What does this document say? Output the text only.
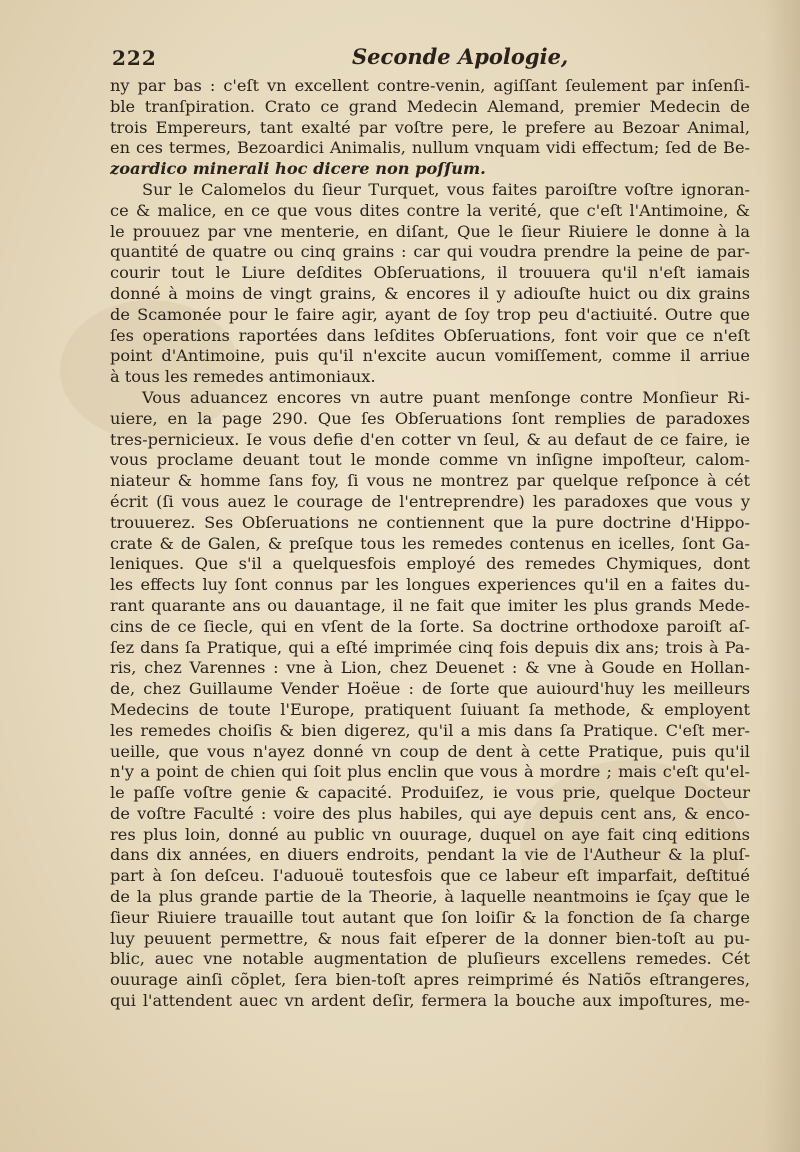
222	Seconde Apologie,
ny par bas : c'eſt vn excellent contre-venin, agiſſant ſeulement par inſenſi-
ble tranſpiration. Crato ce grand Medecin Alemand, premier Medecin de
trois Empereurs, tant exalté par voſtre pere, le prefere au Bezoar Animal,
en ces termes, Bezoardici Animalis, nullum vnquam vidi effectum; ſed de Be-
zoardico minerali hoc dicere non poſſum.
Sur le Calomelos du ſieur Turquet, vous faites paroiſtre voſtre ignoran-
ce & malice, en ce que vous dites contre la verité, que c'eſt l'Antimoine, &
le prouuez par vne menterie, en diſant, Que le ſieur Riuiere le donne à la
quantité de quatre ou cinq grains : car qui voudra prendre la peine de par-
courir tout le Liure deſdites Obſeruations, il trouuera qu'il n'eſt iamais
donné à moins de vingt grains, & encores il y adiouſte huict ou dix grains
de Scamonée pour le faire agir, ayant de ſoy trop peu d'actiuité. Outre que
ſes operations raportées dans leſdites Obſeruations, font voir que ce n'eſt
point d'Antimoine, puis qu'il n'excite aucun vomiſſement, comme il arriue
à tous les remedes antimoniaux.
Vous aduancez encores vn autre puant menſonge contre Monſieur Ri-
uiere, en la page 290. Que ſes Obſeruations ſont remplies de paradoxes
tres-pernicieux. Ie vous defie d'en cotter vn ſeul, & au defaut de ce faire, ie
vous proclame deuant tout le monde comme vn inſigne impoſteur, calom-
niateur & homme ſans foy, ſi vous ne montrez par quelque reſponce à cét
écrit (ſi vous auez le courage de l'entreprendre) les paradoxes que vous y
trouuerez. Ses Obſeruations ne contiennent que la pure doctrine d'Hippo-
crate & de Galen, & preſque tous les remedes contenus en icelles, ſont Ga-
leniques. Que s'il a quelquesfois employé des remedes Chymiques, dont
les effects luy ſont connus par les longues experiences qu'il en a faites du-
rant quarante ans ou dauantage, il ne fait que imiter les plus grands Mede-
cins de ce ſiecle, qui en vſent de la ſorte. Sa doctrine orthodoxe paroiſt aſ-
ſez dans ſa Pratique, qui a eſté imprimée cinq fois depuis dix ans; trois à Pa-
ris, chez Varennes : vne à Lion, chez Deuenet : & vne à Goude en Hollan-
de, chez Guillaume Vender Hoëue : de ſorte que auiourd'huy les meilleurs
Medecins de toute l'Europe, pratiquent ſuiuant ſa methode, & employent
les remedes choiſis & bien digerez, qu'il a mis dans ſa Pratique. C'eſt mer-
ueille, que vous n'ayez donné vn coup de dent à cette Pratique, puis qu'il
n'y a point de chien qui ſoit plus enclin que vous à mordre ; mais c'eſt qu'el-
le paſſe voſtre genie & capacité. Produiſez, ie vous prie, quelque Docteur
de voſtre Faculté : voire des plus habiles, qui aye depuis cent ans, & enco-
res plus loin, donné au public vn ouurage, duquel on aye fait cinq editions
dans dix années, en diuers endroits, pendant la vie de l'Autheur & la pluſ-
part à ſon deſceu. I'aduouë toutesfois que ce labeur eſt imparfait, deſtitué
de la plus grande partie de la Theorie, à laquelle neantmoins ie ſçay que le
ſieur Riuiere trauaille tout autant que ſon loiſir & la fonction de ſa charge
luy peuuent permettre, & nous fait eſperer de la donner bien-toſt au pu-
blic, auec vne notable augmentation de pluſieurs excellens remedes. Cét
ouurage ainſi cõplet, ſera bien-toſt apres reimprimé és Natiõs eſtrangeres,
qui l'attendent auec vn ardent deſir, fermera la bouche aux impoſtures, me-
